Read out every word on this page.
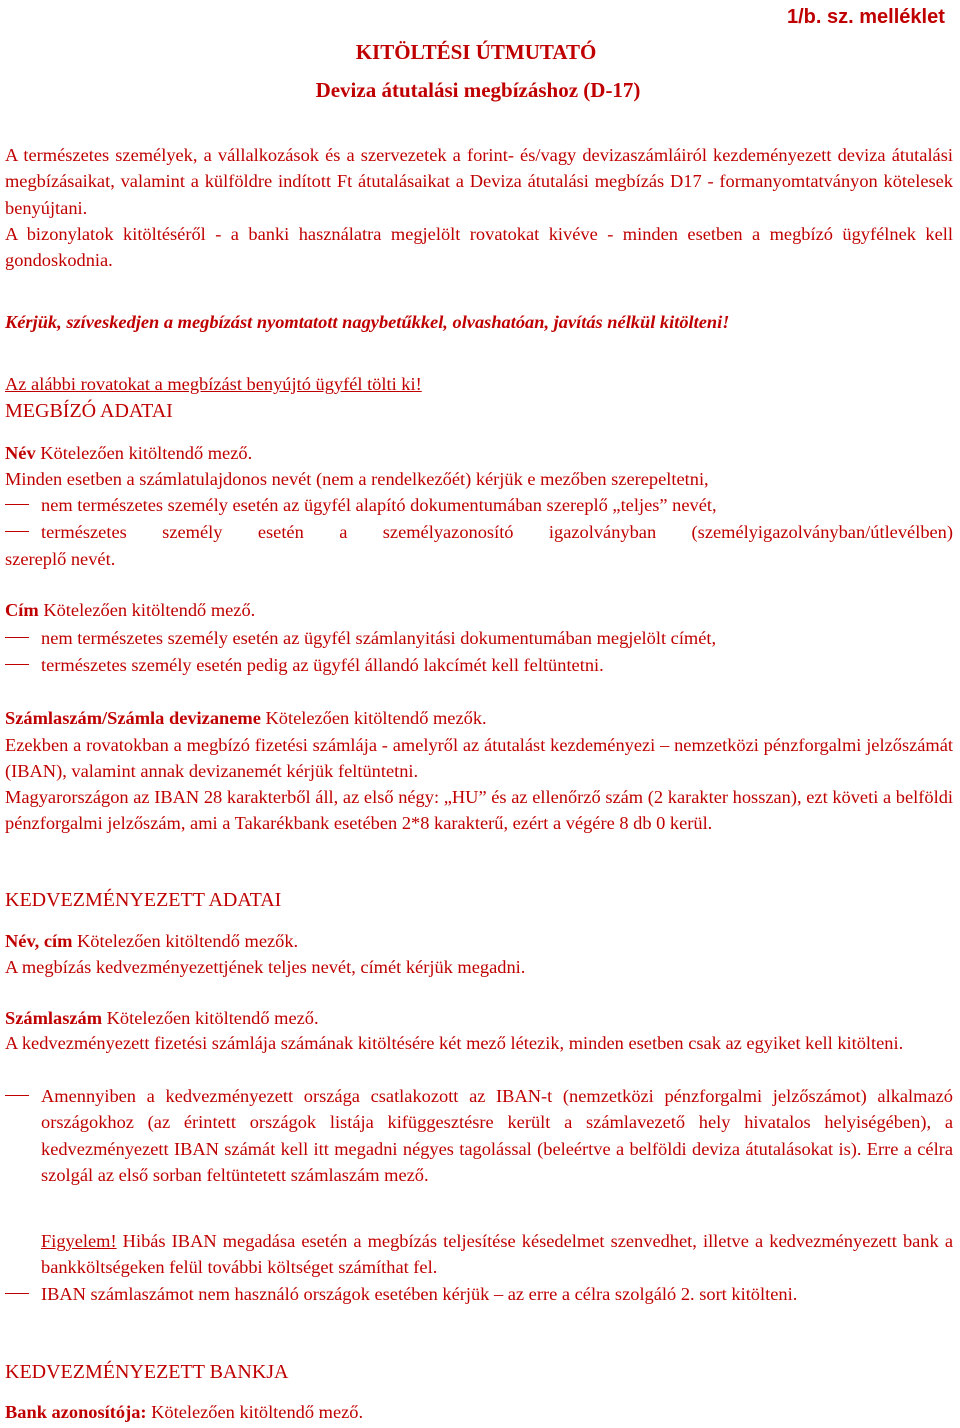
1/b. sz. melléklet
KITÖLTÉSI ÚTMUTATÓ
Deviza átutalási megbízáshoz (D-17)
A természetes személyek, a vállalkozások és a szervezetek a forint- és/vagy devizaszámláiról kezdeményezett deviza átutalási megbízásaikat, valamint a külföldre indított Ft átutalásaikat a Deviza átutalási megbízás D17 - formanyomtatványon kötelesek benyújtani.
A bizonylatok kitöltéséről - a banki használatra megjelölt rovatokat kivéve - minden esetben a megbízó ügyfélnek kell gondoskodnia.
Kérjük, szíveskedjen a megbízást nyomtatott nagybetűkkel, olvashatóan, javítás nélkül kitölteni!
Az alábbi rovatokat a megbízást benyújtó ügyfél tölti ki!
MEGBÍZÓ ADATAI
Név Kötelezően kitöltendő mező.
Minden esetben a számlatulajdonos nevét (nem a rendelkezőét) kérjük e mezőben szerepeltetni,
nem természetes személy esetén az ügyfél alapító dokumentumában szereplő „teljes” nevét,
természetes személy esetén a személyazonosító igazolványban (személyigazolványban/útlevélben)
szereplő nevét.
Cím Kötelezően kitöltendő mező.
nem természetes személy esetén az ügyfél számlanyitási dokumentumában megjelölt címét,
természetes személy esetén pedig az ügyfél állandó lakcímét kell feltüntetni.
Számlaszám/Számla devizaneme Kötelezően kitöltendő mezők.
Ezekben a rovatokban a megbízó fizetési számlája - amelyről az átutalást kezdeményezi – nemzetközi pénzforgalmi jelzőszámát (IBAN), valamint annak devizanemét kérjük feltüntetni.
Magyarországon az IBAN 28 karakterből áll, az első négy: „HU” és az ellenőrző szám (2 karakter hosszan), ezt követi a belföldi pénzforgalmi jelzőszám, ami a Takarékbank esetében 2*8 karakterű, ezért a végére 8 db 0 kerül.
KEDVEZMÉNYEZETT ADATAI
Név, cím Kötelezően kitöltendő mezők.
A megbízás kedvezményezettjének teljes nevét, címét kérjük megadni.
Számlaszám Kötelezően kitöltendő mező.
A kedvezményezett fizetési számlája számának kitöltésére két mező létezik, minden esetben csak az egyiket kell kitölteni.
Amennyiben a kedvezményezett országa csatlakozott az IBAN-t (nemzetközi pénzforgalmi jelzőszámot) alkalmazó országokhoz (az érintett országok listája kifüggesztésre került a számlavezető hely hivatalos helyiségében), a kedvezményezett IBAN számát kell itt megadni négyes tagolással (beleértve a belföldi deviza átutalásokat is). Erre a célra szolgál az első sorban feltüntetett számlaszám mező.
Figyelem! Hibás IBAN megadása esetén a megbízás teljesítése késedelmet szenvedhet, illetve a kedvezményezett bank a bankköltségeken felül további költséget számíthat fel.
IBAN számlaszámot nem használó országok esetében kérjük – az erre a célra szolgáló 2. sort kitölteni.
KEDVEZMÉNYEZETT BANKJA
Bank azonosítója: Kötelezően kitöltendő mező.
